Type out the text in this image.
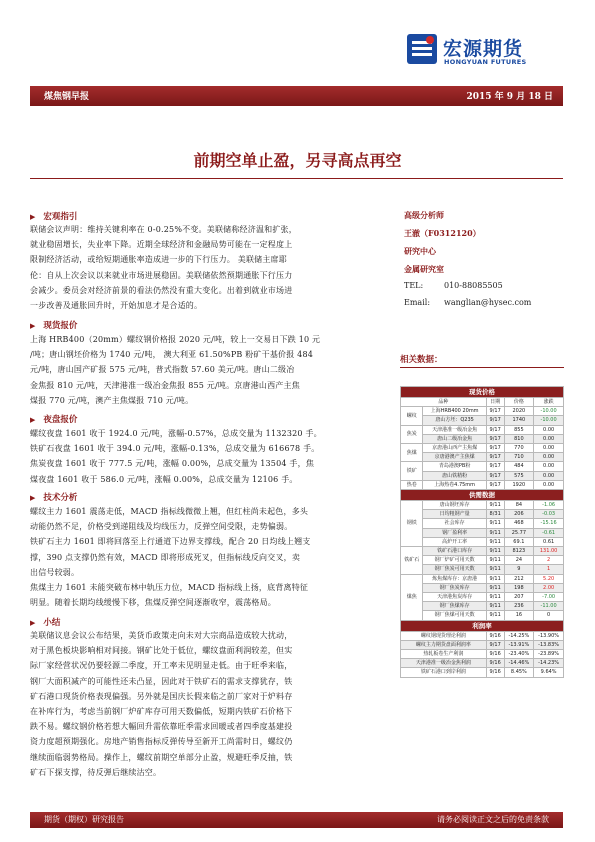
宏源期货
HONGYUAN FUTURES
煤焦钢早报	2015 年 9 月 18 日
前期空单止盈，另寻高点再空
▶ 宏观指引
联储会议声明：维持关键利率在 0-0.25%不变。美联储称经济温和扩张，
就业稳固增长，失业率下降。近期全球经济和金融局势可能在一定程度上
限制经济活动，或给短期通胀率造成进一步的下行压力。 美联储主席耶
伦：自从上次会议以来就业市场进展稳固。美联储依然预期通胀下行压力
会减少。委员会对经济前景的看法仍然没有重大变化。出着到就业市场进
一步改善及通胀回升时，开始加息才是合适的。
▶ 现货报价
上海 HRB400（20mm）螺纹钢价格报 2020 元/吨，较上一交易日下跌 10 元
/吨；唐山钢坯价格为 1740 元/吨， 澳大利亚 61.50%PB 粉矿干基价报 484
元/吨，唐山国产矿报 575 元/吨，普式指数 57.60 美元/吨。唐山二级冶
金焦报 810 元/吨，天津港准一级冶金焦报 855 元/吨。京唐港山西产主焦
煤报 770 元/吨，澳产主焦煤报 710 元/吨。
▶ 夜盘报价
螺纹夜盘 1601 收于 1924.0 元/吨，涨幅-0.57%，总成交量为 1132320 手。
铁矿石夜盘 1601 收于 394.0 元/吨，涨幅-0.13%，总成交量为 616678 手。
焦炭夜盘 1601 收于 777.5 元/吨，涨幅 0.00%，总成交量为 13504 手，焦
煤夜盘 1601 收于 586.0 元/吨，涨幅 0.00%，总成交量为 12106 手。
▶ 技术分析
螺纹主力 1601 震荡走低，MACD 指标线微微上翘，但红柱尚未起色，多头
动能仍然不足，价格受到递阻线及均线压力，反弹空间受限，走势偏弱。
铁矿石主力 1601 即将回落至上行通道下边界支撑线，配合 20 日均线上翘支
撑，390 点支撑仍然有效，MACD 即将形成死叉，但指标线反向交叉，卖
出信号较弱。
焦煤主力 1601 未能突破布林中轨压力位，MACD 指标线上扬，底背离特征
明显。随着长期均线缓慢下移，焦煤反弹空间逐渐收窄，震荡格局。
▶ 小结
美联储议息会议公布结果，美货币政策走向未对大宗商品造成较大扰动，
对于黑色板块影响相对间接。钢矿比处于低位，螺纹盘面利润较差，但实
际厂家经营状况仍要轻源二季度，开工率未见明显走低。由于旺季来临，
钢厂大面积减产的可能性还未凸显，因此对于铁矿石的需求支撑犹存，铁
矿石港口现货价格表现偏强。另外就是国庆长假来临之前厂家对于炉料存
在补库行为，考虑当前钢厂炉矿库存可用天数偏低，短期内铁矿石价格下
跌不易。螺纹钢价格若想大幅回升需依靠旺季需求回暖或者四季度基建投
资力度超预期强化。房地产销售指标反弹传导至新开工尚需时日，螺纹仍
继续面临弱势格局。操作上，螺纹前期空单部分止盈，规避旺季反抽，铁
矿石下探支撑，待反弹后继续沽空。
高级分析师
王澈（F0312120）
研究中心
金属研究室
TEL:	010-88085505
Email: wanglian@hysec.com
相关数据：
现货价格				
品种		日期	价格	涨跌
螺纹	上海HRB400 20mm	9/17	2020	-10.00
	唐山方坯：Q235	9/17	1740	-10.00
焦炭	天津港准一级冶金焦	9/17	855	0.00
	唐山二级冶金焦	9/17	810	0.00
焦煤	京唐港山西产主焦煤	9/17	770	0.00
	京唐港澳产主焦煤	9/17	710	0.00
铁矿	青岛港澳PB粉	9/17	484	0.00
	唐山铁精粉	9/17	575	0.00
热卷	上海热卷4.75mm	9/17	1920	0.00
供需数据				
钢铁	唐山钢坯库存	9/11	84	-1.06
	日均粗钢产量	8/31	206	-0.03
	社会库存	9/11	468	-15.16
	钢厂盈利率	9/11	25.77	-0.61
	高炉开工率	9/11	69.1	0.61
铁矿石	铁矿石港口库存	9/11	8123	131.00
	钢厂炉矿可用天数	9/11	24	2
	钢厂焦炭可用天数	9/11	9	1
煤焦	炼焦煤库存：京唐港	9/11	212	5.20
	钢厂焦炭库存	9/11	198	2.00
	天津港焦炭库存	9/11	207	-7.00
	钢厂焦煤库存	9/11	236	-11.00
	钢厂焦煤可用天数	9/11	16	0
利润率				
螺纹钢现货理论利润		9/16	-14.25%	-13.90%
螺纹主力期货盘面利润率		9/17	-13.91%	-13.83%
热轧板卷生产利润		9/16	-23.40%	-23.89%
天津港准一级冶金焦利润		9/16	-14.46%	-14.23%
铁矿石港口到岸利润		9/16	8.45%	9.64%
期货（期权）研究报告	请务必阅读正文之后的免责条款
